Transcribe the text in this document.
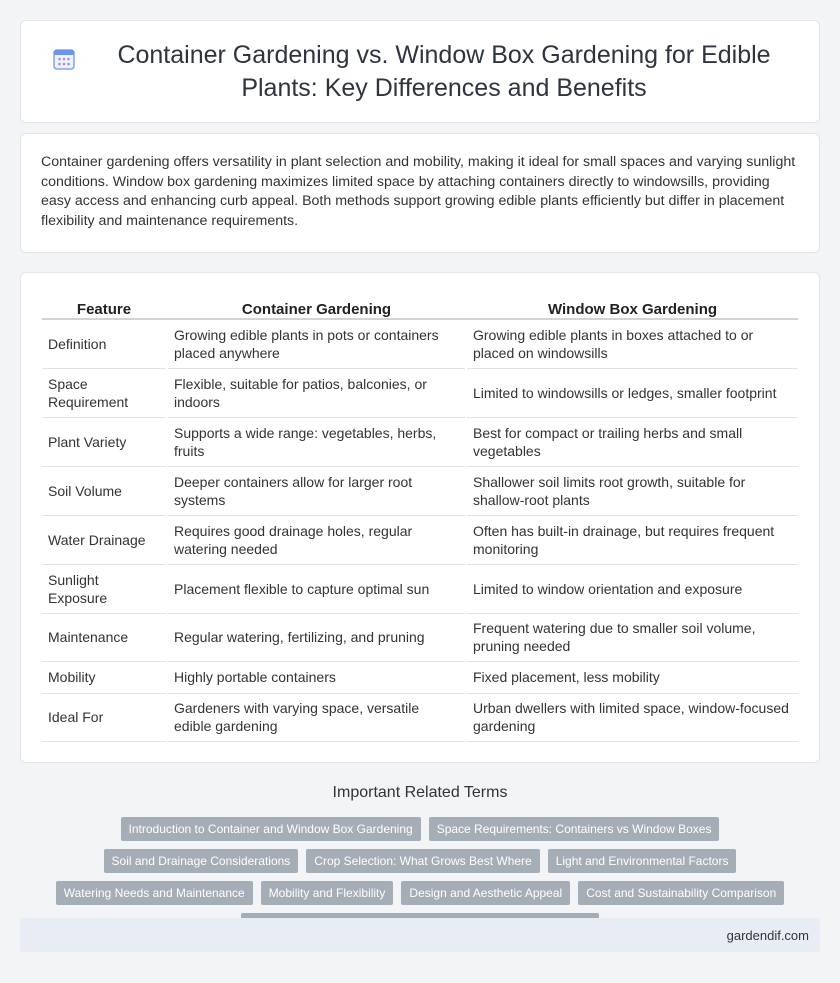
Container Gardening vs. Window Box Gardening for Edible Plants: Key Differences and Benefits

Container gardening offers versatility in plant selection and mobility, making it ideal for small spaces and varying sunlight conditions. Window box gardening maximizes limited space by attaching containers directly to windowsills, providing easy access and enhancing curb appeal. Both methods support growing edible plants efficiently but differ in placement flexibility and maintenance requirements.

Feature	Container Gardening	Window Box Gardening
Definition	Growing edible plants in pots or containers placed anywhere	Growing edible plants in boxes attached to or placed on windowsills
Space Requirement	Flexible, suitable for patios, balconies, or indoors	Limited to windowsills or ledges, smaller footprint
Plant Variety	Supports a wide range: vegetables, herbs, fruits	Best for compact or trailing herbs and small vegetables
Soil Volume	Deeper containers allow for larger root systems	Shallower soil limits root growth, suitable for shallow-root plants
Water Drainage	Requires good drainage holes, regular watering needed	Often has built-in drainage, but requires frequent monitoring
Sunlight Exposure	Placement flexible to capture optimal sun	Limited to window orientation and exposure
Maintenance	Regular watering, fertilizing, and pruning	Frequent watering due to smaller soil volume, pruning needed
Mobility	Highly portable containers	Fixed placement, less mobility
Ideal For	Gardeners with varying space, versatile edible gardening	Urban dwellers with limited space, window-focused gardening
Important Related Terms
Introduction to Container and Window Box Gardening	Space Requirements: Containers vs Window Boxes
Soil and Drainage Considerations	Crop Selection: What Grows Best Where	Light and Environmental Factors
Watering Needs and Maintenance	Mobility and Flexibility	Design and Aesthetic Appeal	Cost and Sustainability Comparison
gardendif.com
